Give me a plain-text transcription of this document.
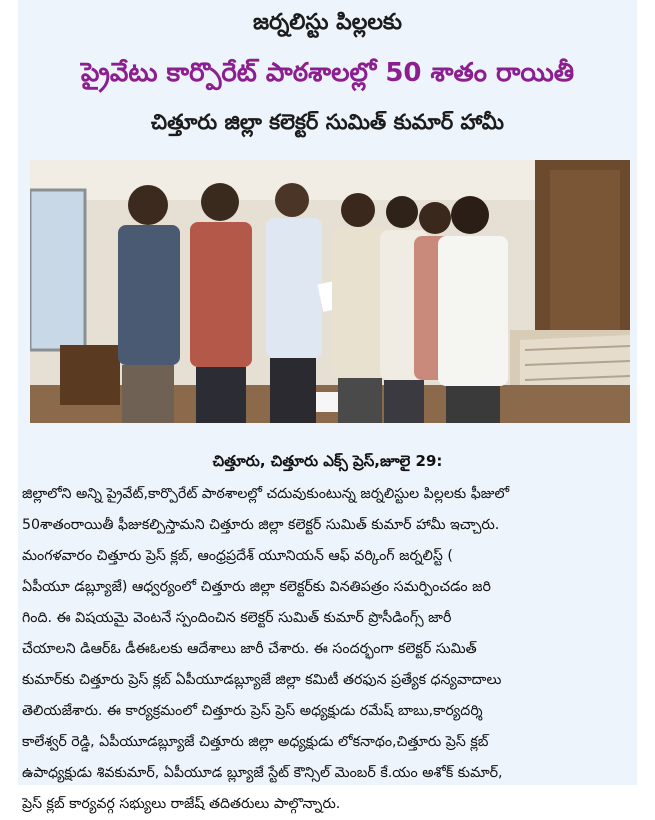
జర్నలిస్టు పిల్లలకు
ప్రైవేటు కార్పొరేట్ పాఠశాలల్లో 50 శాతం రాయితీ
చిత్తూరు జిల్లా కలెక్టర్ సుమిత్ కుమార్ హామీ
చిత్తూరు, చిత్తూరు ఎక్స్ ప్రెస్,జూలై 29:
జిల్లాలోని అన్ని ప్రైవేట్,కార్పొరేట్ పాఠశాలల్లో చదువుకుంటున్న జర్నలిస్టుల పిల్లలకు ఫీజులో
50శాతంరాయితీ ఫీజుకల్పిస్తామని చిత్తూరు జిల్లా కలెక్టర్ సుమిత్ కుమార్ హామీ ఇచ్చారు.
మంగళవారం చిత్తూరు ప్రెస్ క్లబ్, ఆంధ్రప్రదేశ్ యూనియన్ ఆఫ్ వర్కింగ్ జర్నలిస్ట్ (
ఏపీయూ డబ్ల్యూజే) ఆధ్వర్యంలో చిత్తూరు జిల్లా కలెక్టర్‌కు వినతిపత్రం సమర్పించడం జరి
గింది. ఈ విషయమై వెంటనే స్పందించిన కలెక్టర్ సుమిత్ కుమార్ ప్రొసీడింగ్స్ జారీ
చేయాలని డిఆర్ఓ డీఈఓలకు ఆదేశాలు జారీ చేశారు. ఈ సందర్భంగా కలెక్టర్ సుమిత్
కుమార్‌కు చిత్తూరు ప్రెస్ క్లబ్ ఏపీయూడబ్ల్యూజే జిల్లా కమిటీ తరఫున ప్రత్యేక ధన్యవాదాలు
తెలియజేశారు. ఈ కార్యక్రమంలో చిత్తూరు ప్రెస్ ప్రెస్ అధ్యక్షుడు రమేష్ బాబు,కార్యదర్శి
కాలేశ్వర్ రెడ్డి, ఏపీయూడబ్ల్యూజే చిత్తూరు జిల్లా అధ్యక్షుడు లోకనాథం,చిత్తూరు ప్రెస్ క్లబ్
ఉపాధ్యక్షుడు శివకుమార్, ఏపీయూడ బ్ల్యూజే స్టేట్ కౌన్సిల్ మెంబర్ కే.యం అశోక్ కుమార్,
ప్రెస్ క్లబ్ కార్యవర్గ సభ్యులు రాజేష్ తదితరులు పాల్గొన్నారు.
